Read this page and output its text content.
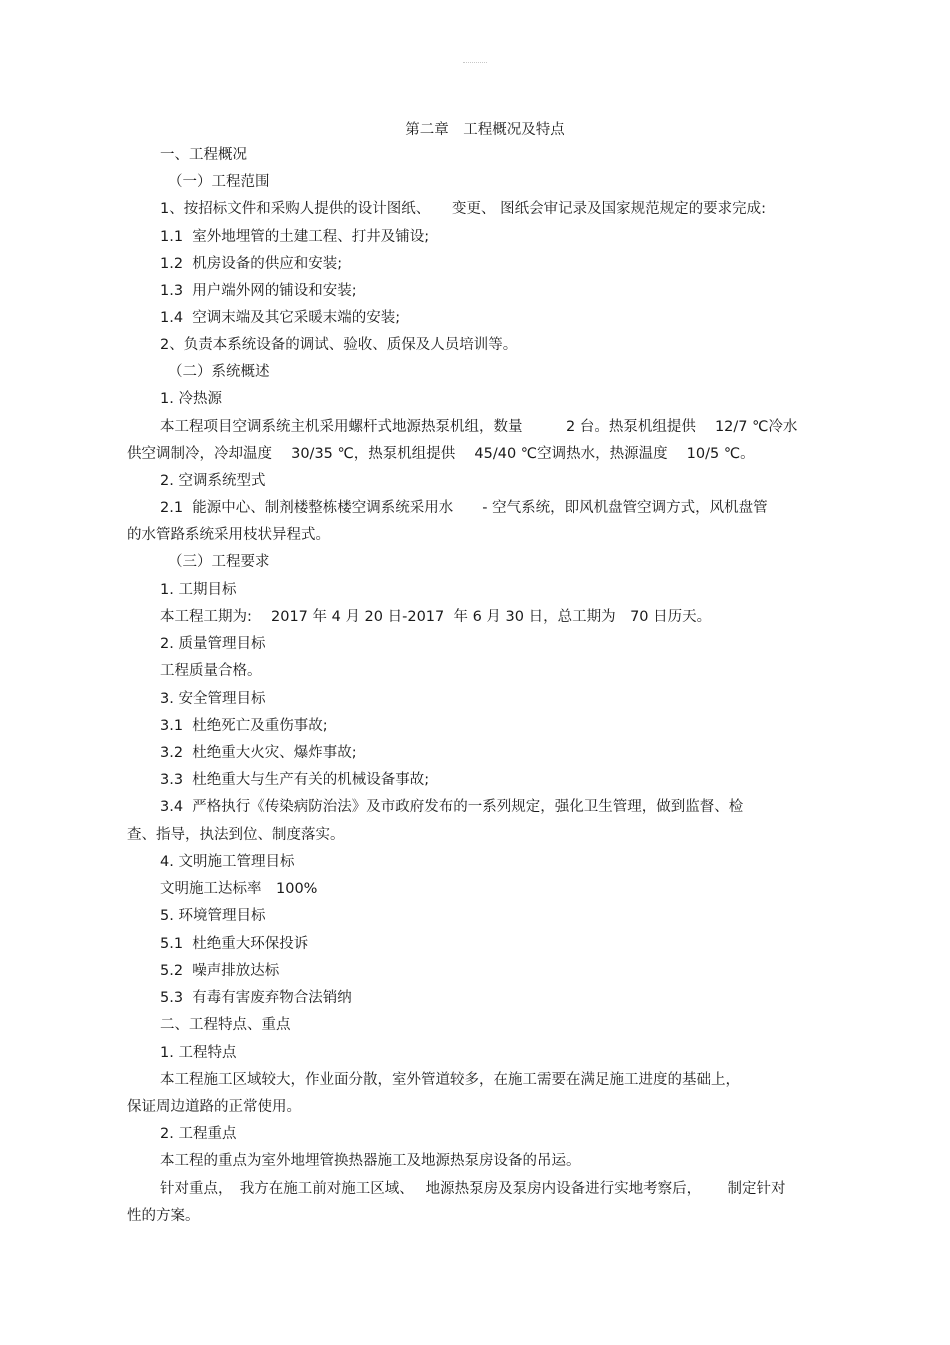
第二章　工程概况及特点
一、工程概况
（一）工程范围
1、按招标文件和采购人提供的设计图纸、　　变更、 图纸会审记录及国家规范规定的要求完成:
1.1  室外地埋管的土建工程、打井及铺设;
1.2  机房设备的供应和安装;
1.3  用户端外网的铺设和安装;
1.4  空调末端及其它采暖末端的安装;
2、负责本系统设备的调试、验收、质保及人员培训等。
（二）系统概述
1. 冷热源
本工程项目空调系统主机采用螺杆式地源热泵机组，数量　　　2 台。热泵机组提供　 12/7 ℃冷水
供空调制冷，冷却温度　 30/35 ℃，热泵机组提供　 45/40 ℃空调热水，热源温度　 10/5 ℃。
2. 空调系统型式
2.1  能源中心、制剂楼整栋楼空调系统采用水　　- 空气系统，即风机盘管空调方式，风机盘管
的水管路系统采用枝状异程式。
（三）工程要求
1. 工期目标
本工程工期为:　 2017 年 4 月 20 日-2017  年 6 月 30 日，总工期为　70 日历天。
2. 质量管理目标
工程质量合格。
3. 安全管理目标
3.1  杜绝死亡及重伤事故;
3.2  杜绝重大火灾、爆炸事故;
3.3  杜绝重大与生产有关的机械设备事故;
3.4  严格执行《传染病防治法》及市政府发布的一系列规定，强化卫生管理，做到监督、检
查、指导，执法到位、制度落实。
4. 文明施工管理目标
文明施工达标率　100%
5. 环境管理目标
5.1  杜绝重大环保投诉
5.2  噪声排放达标
5.3  有毒有害废弃物合法销纳
二、工程特点、重点
1. 工程特点
本工程施工区域较大，作业面分散，室外管道较多，在施工需要在满足施工进度的基础上，
保证周边道路的正常使用。
2. 工程重点
本工程的重点为室外地埋管换热器施工及地源热泵房设备的吊运。
针对重点，　我方在施工前对施工区域、　 地源热泵房及泵房内设备进行实地考察后，　　 制定针对
性的方案。
